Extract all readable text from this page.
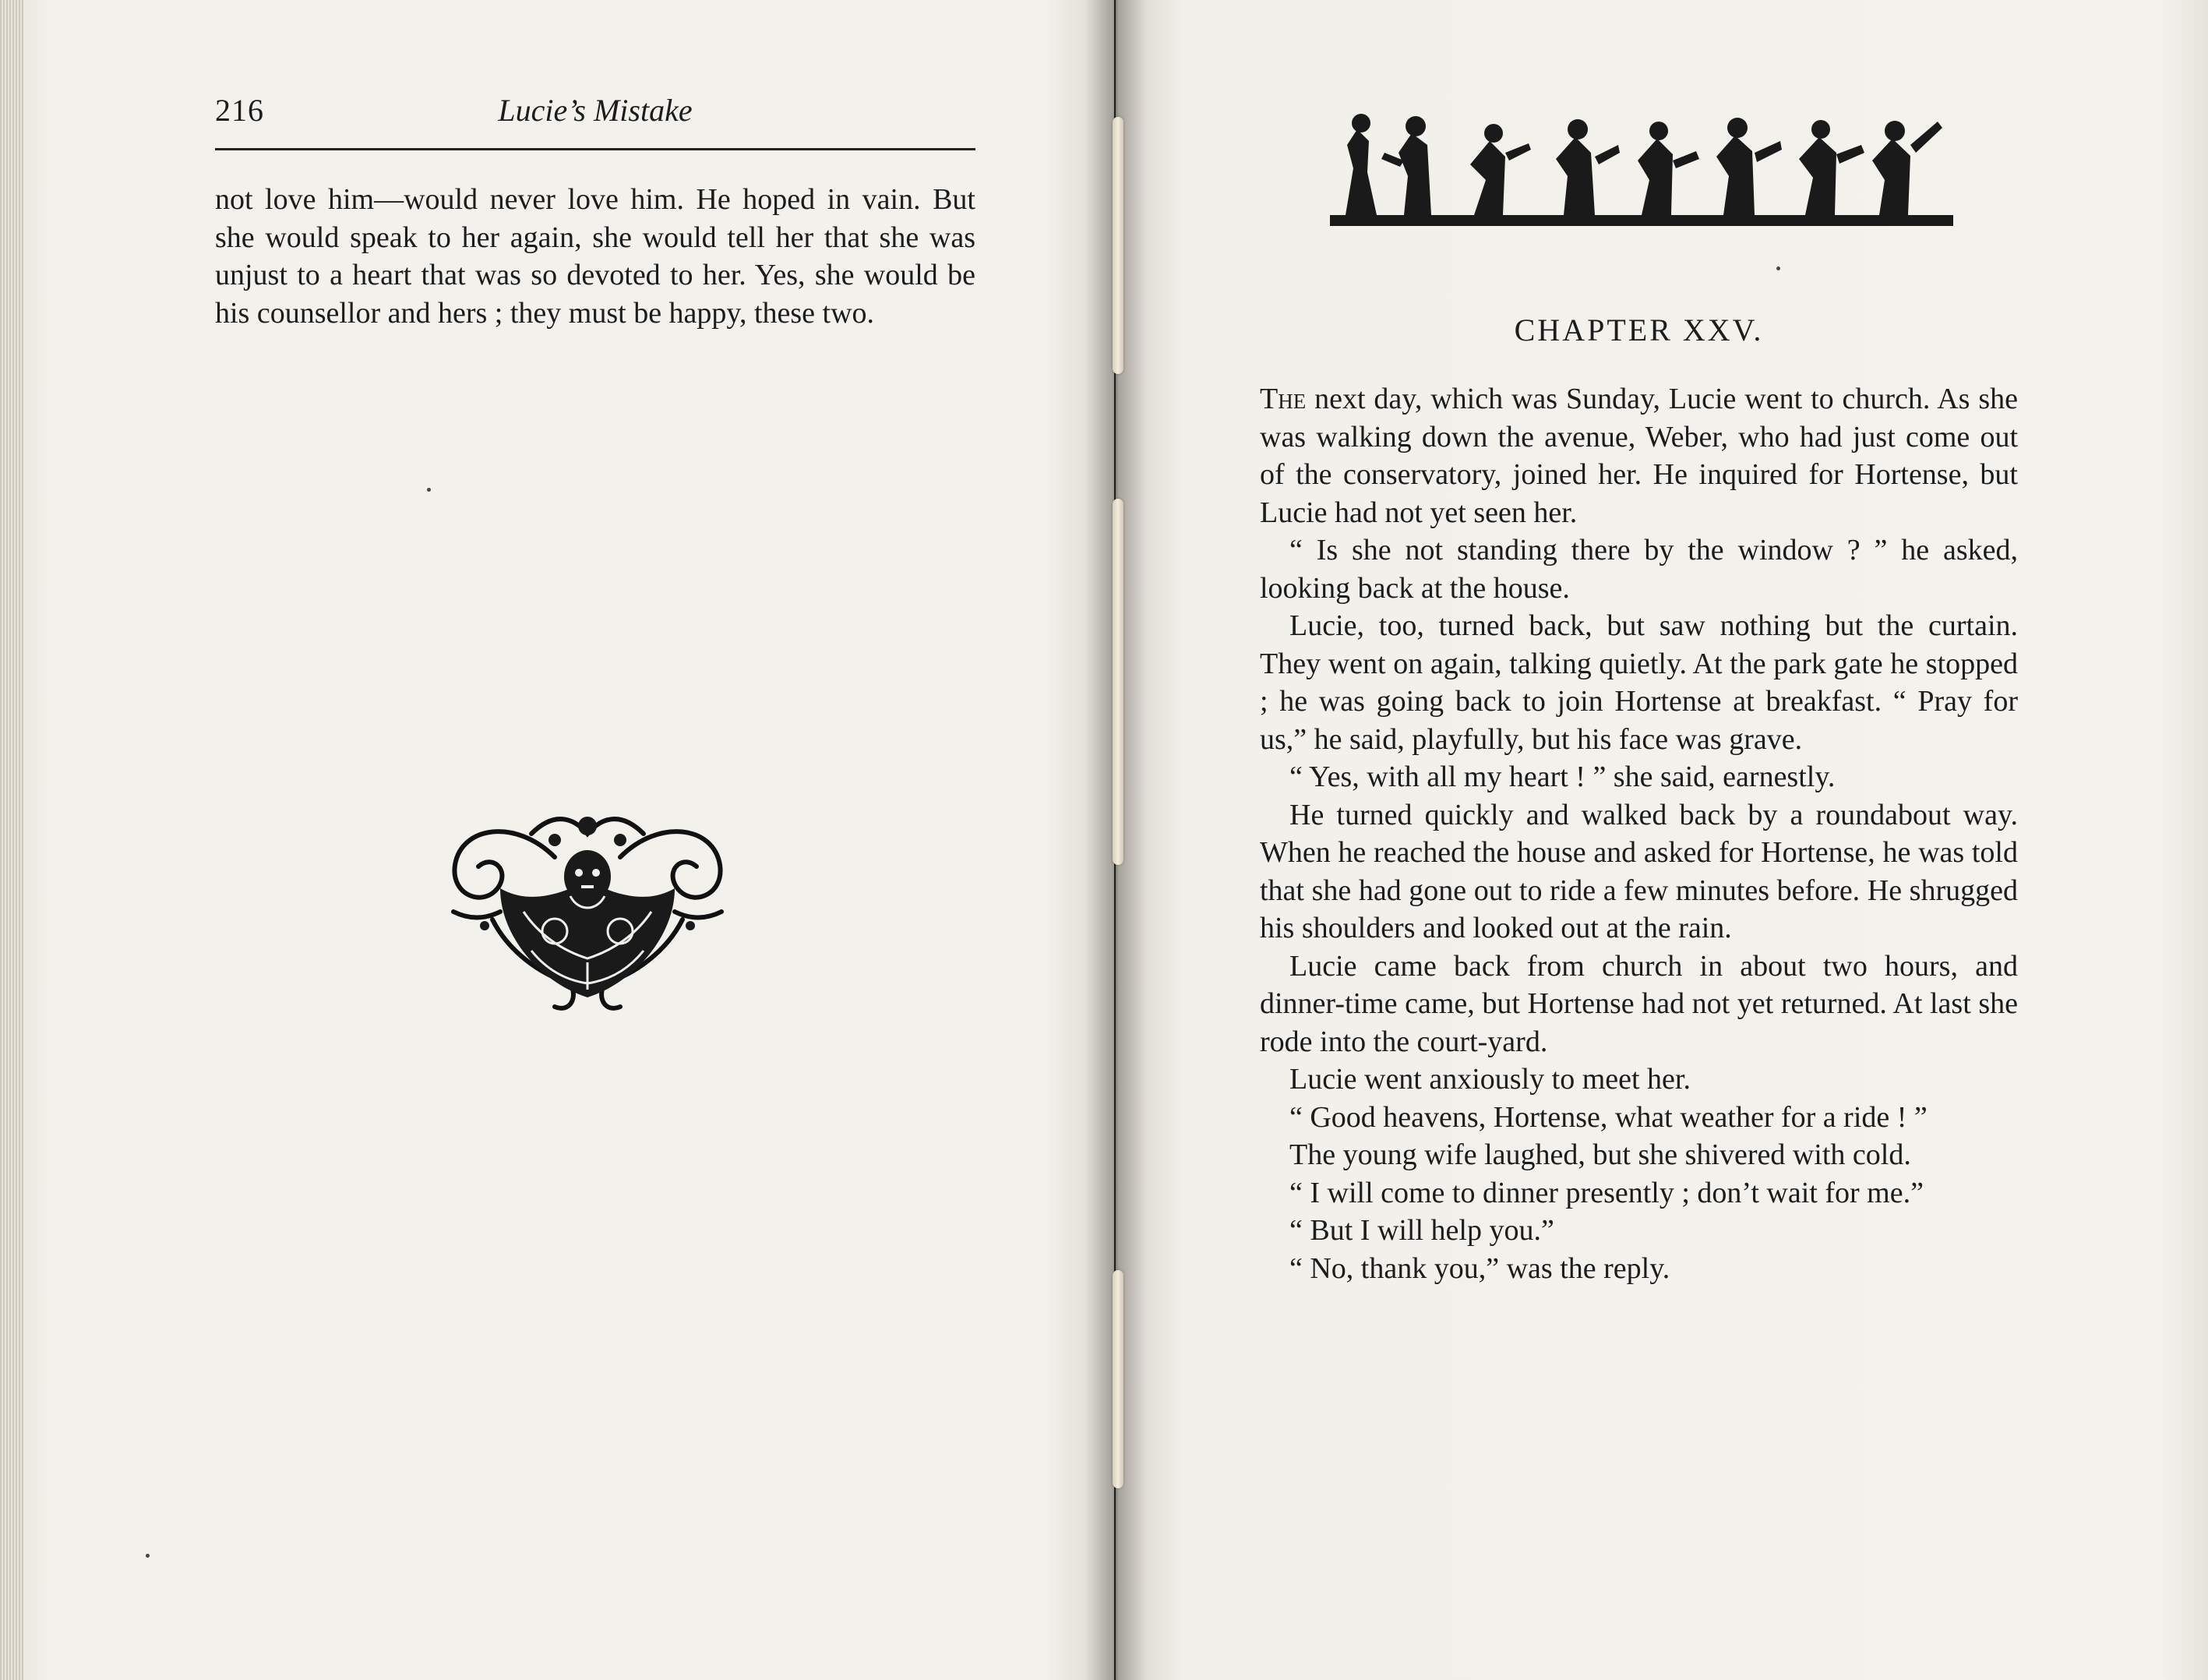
216	Lucie’s Mistake

not love him—would never love him. He hoped in vain. But she would speak to her again, she would tell her that she was unjust to a heart that was so devoted to her. Yes, she would be his counsellor and hers ; they must be happy, these two.	CHAPTER XXV.

The next day, which was Sunday, Lucie went to church. As she was walking down the avenue, Weber, who had just come out of the conservatory, joined her. He inquired for Hortense, but Lucie had not yet seen her.

“ Is she not standing there by the window ? ” he asked, looking back at the house.

Lucie, too, turned back, but saw nothing but the curtain. They went on again, talking quietly. At the park gate he stopped ; he was going back to join Hortense at breakfast. “ Pray for us,” he said, playfully, but his face was grave.

“ Yes, with all my heart ! ” she said, earnestly.

He turned quickly and walked back by a roundabout way. When he reached the house and asked for Hortense, he was told that she had gone out to ride a few minutes before. He shrugged his shoulders and looked out at the rain.

Lucie came back from church in about two hours, and dinner-time came, but Hortense had not yet returned. At last she rode into the court-yard.

Lucie went anxiously to meet her.

“ Good heavens, Hortense, what weather for a ride ! ”

The young wife laughed, but she shivered with cold.

“ I will come to dinner presently ; don’t wait for me.”

“ But I will help you.”

“ No, thank you,” was the reply.
